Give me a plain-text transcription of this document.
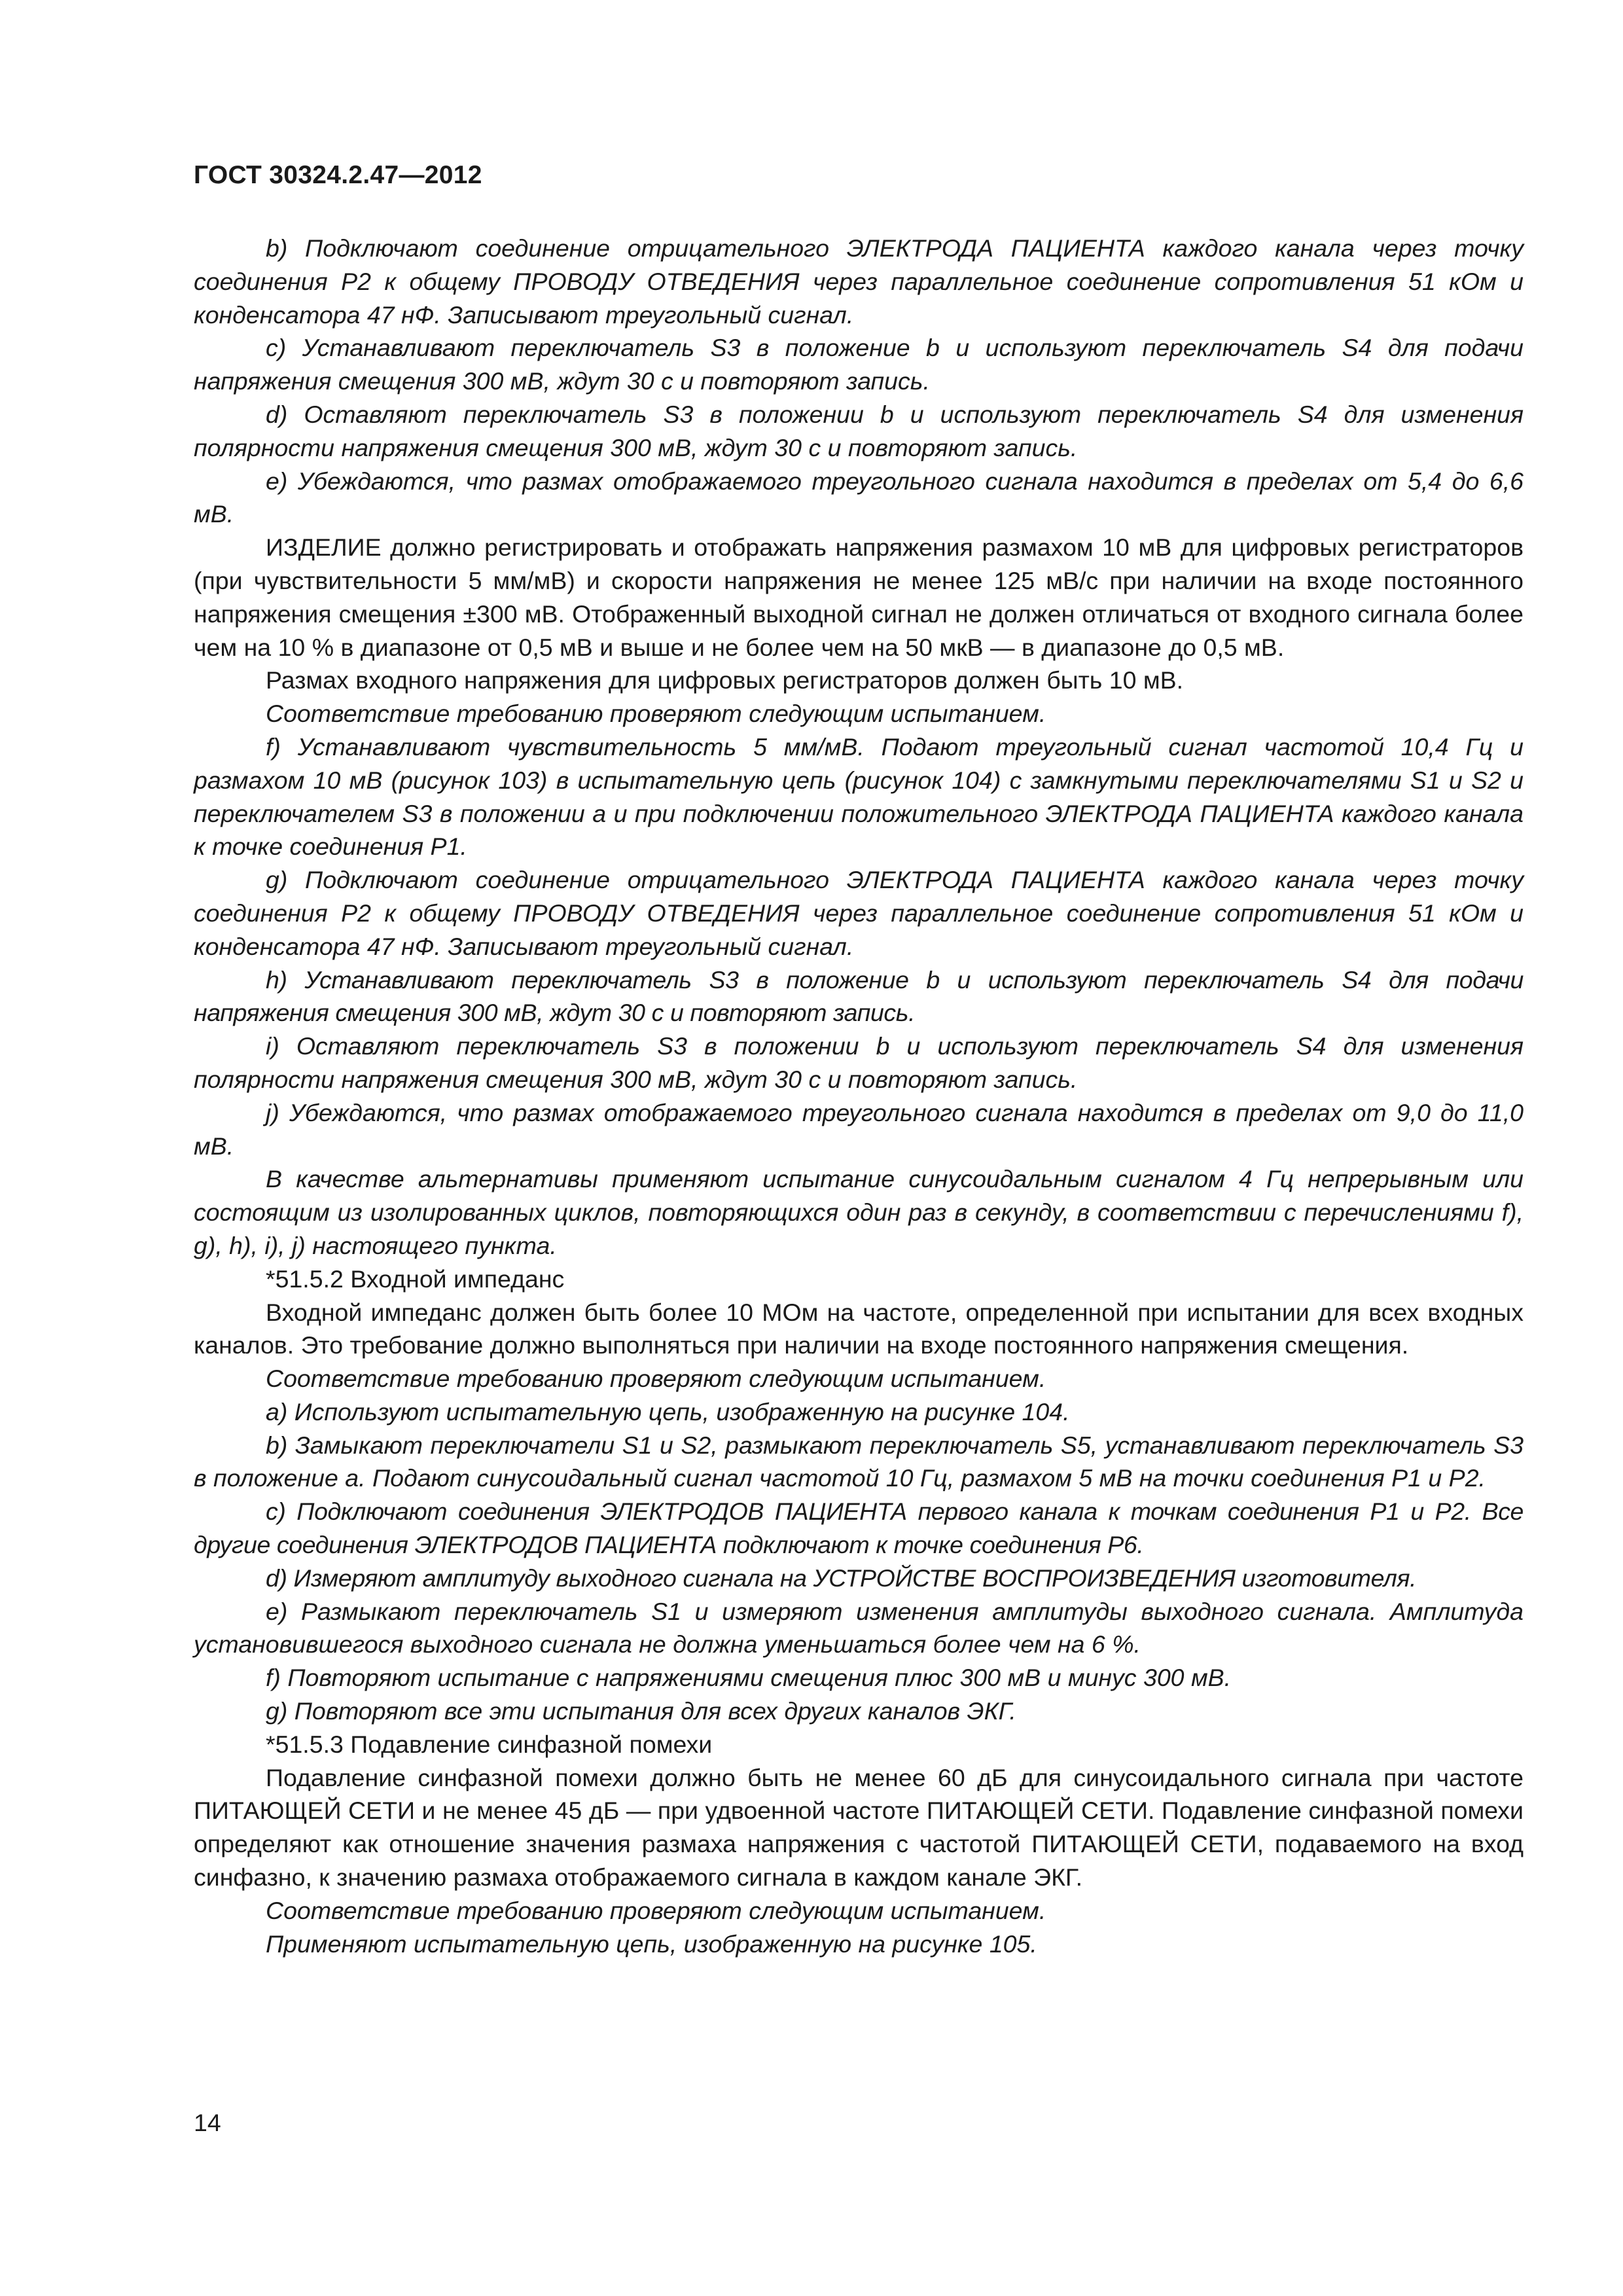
ГОСТ 30324.2.47—2012

b) Подключают соединение отрицательного ЭЛЕКТРОДА ПАЦИЕНТА каждого канала через точку соединения Р2 к общему ПРОВОДУ ОТВЕДЕНИЯ через параллельное соединение сопротивления 51 кОм и конденсатора 47 нФ. Записывают треугольный сигнал.

c) Устанавливают переключатель S3 в положение b и используют переключатель S4 для подачи напряжения смещения 300 мВ, ждут 30 с и повторяют запись.

d) Оставляют переключатель S3 в положении b и используют переключатель S4 для изменения полярности напряжения смещения 300 мВ, ждут 30 с и повторяют запись.

e) Убеждаются, что размах отображаемого треугольного сигнала находится в пределах от 5,4 до 6,6 мВ.

ИЗДЕЛИЕ должно регистрировать и отображать напряжения размахом 10 мВ для цифровых регистраторов (при чувствительности 5 мм/мВ) и скорости напряжения не менее 125 мВ/с при наличии на входе постоянного напряжения смещения ±300 мВ. Отображенный выходной сигнал не должен отличаться от входного сигнала более чем на 10 % в диапазоне от 0,5 мВ и выше и не более чем на 50 мкВ — в диапазоне до 0,5 мВ.

Размах входного напряжения для цифровых регистраторов должен быть 10 мВ.

Соответствие требованию проверяют следующим испытанием.

f) Устанавливают чувствительность 5 мм/мВ. Подают треугольный сигнал частотой 10,4 Гц и размахом 10 мВ (рисунок 103) в испытательную цепь (рисунок 104) с замкнутыми переключателями S1 и S2 и переключателем S3 в положении a и при подключении положительного ЭЛЕКТРОДА ПАЦИЕНТА каждого канала к точке соединения Р1.

g) Подключают соединение отрицательного ЭЛЕКТРОДА ПАЦИЕНТА каждого канала через точку соединения Р2 к общему ПРОВОДУ ОТВЕДЕНИЯ через параллельное соединение сопротивления 51 кОм и конденсатора 47 нФ. Записывают треугольный сигнал.

h) Устанавливают переключатель S3 в положение b и используют переключатель S4 для подачи напряжения смещения 300 мВ, ждут 30 с и повторяют запись.

i) Оставляют переключатель S3 в положении b и используют переключатель S4 для изменения полярности напряжения смещения 300 мВ, ждут 30 с и повторяют запись.

j) Убеждаются, что размах отображаемого треугольного сигнала находится в пределах от 9,0 до 11,0 мВ.

В качестве альтернативы применяют испытание синусоидальным сигналом 4 Гц непрерывным или состоящим из изолированных циклов, повторяющихся один раз в секунду, в соответствии с перечислениями f), g), h), i), j) настоящего пункта.

*51.5.2 Входной импеданс

Входной импеданс должен быть более 10 МОм на частоте, определенной при испытании для всех входных каналов. Это требование должно выполняться при наличии на входе постоянного напряжения смещения.

Соответствие требованию проверяют следующим испытанием.

a) Используют испытательную цепь, изображенную на рисунке 104.

b) Замыкают переключатели S1 и S2, размыкают переключатель S5, устанавливают переключатель S3 в положение a. Подают синусоидальный сигнал частотой 10 Гц, размахом 5 мВ на точки соединения Р1 и Р2.

c) Подключают соединения ЭЛЕКТРОДОВ ПАЦИЕНТА первого канала к точкам соединения Р1 и Р2. Все другие соединения ЭЛЕКТРОДОВ ПАЦИЕНТА подключают к точке соединения Р6.

d) Измеряют амплитуду выходного сигнала на УСТРОЙСТВЕ ВОСПРОИЗВЕДЕНИЯ изготовителя.

e) Размыкают переключатель S1 и измеряют изменения амплитуды выходного сигнала. Амплитуда установившегося выходного сигнала не должна уменьшаться более чем на 6 %.

f) Повторяют испытание с напряжениями смещения плюс 300 мВ и минус 300 мВ.

g) Повторяют все эти испытания для всех других каналов ЭКГ.

*51.5.3 Подавление синфазной помехи

Подавление синфазной помехи должно быть не менее 60 дБ для синусоидального сигнала при частоте ПИТАЮЩЕЙ СЕТИ и не менее 45 дБ — при удвоенной частоте ПИТАЮЩЕЙ СЕТИ. Подавление синфазной помехи определяют как отношение значения размаха напряжения с частотой ПИТАЮЩЕЙ СЕТИ, подаваемого на вход синфазно, к значению размаха отображаемого сигнала в каждом канале ЭКГ.

Соответствие требованию проверяют следующим испытанием.

Применяют испытательную цепь, изображенную на рисунке 105.

14
